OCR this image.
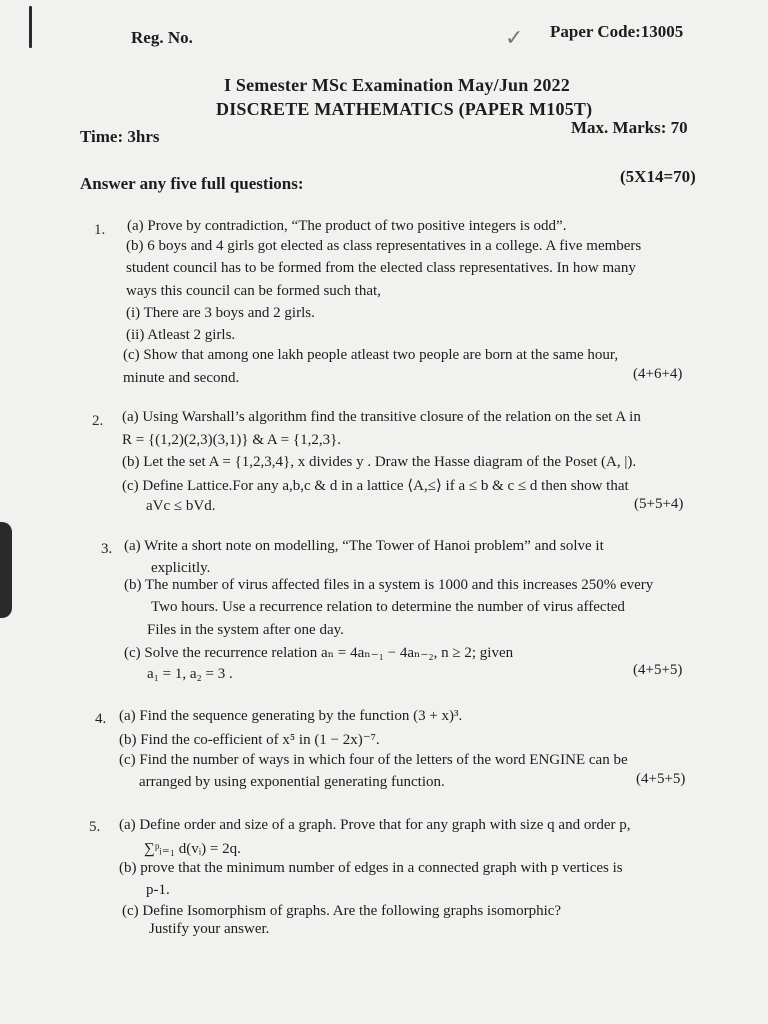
Reg. No.	✓ Paper Code:13005
I Semester MSc Examination May/Jun 2022
DISCRETE MATHEMATICS (PAPER M105T)
Time: 3hrs	Max. Marks: 70
Answer any five full questions:	(5X14=70)
1. (a) Prove by contradiction, “The product of two positive integers is odd”.
(b) 6 boys and 4 girls got elected as class representatives in a college. A five members
student council has to be formed from the elected class representatives. In how many
ways this council can be formed such that,
(i) There are 3 boys and 2 girls.
(ii) Atleast 2 girls.
(c) Show that among one lakh people atleast two people are born at the same hour,
minute and second.	(4+6+4)
2. (a) Using Warshall’s algorithm find the transitive closure of the relation on the set A in
R = {(1,2)(2,3)(3,1)} & A = {1,2,3}.
(b) Let the set A = {1,2,3,4}, x divides y . Draw the Hasse diagram of the Poset (A, |).
(c) Define Lattice.For any a,b,c & d in a lattice ⟨A,≤⟩ if a ≤ b & c ≤ d then show that
aVc ≤ bVd.	(5+5+4)
3. (a) Write a short note on modelling, “The Tower of Hanoi problem” and solve it
explicitly.
(b) The number of virus affected files in a system is 1000 and this increases 250% every
Two hours. Use a recurrence relation to determine the number of virus affected
Files in the system after one day.
(c) Solve the recurrence relation aₙ = 4aₙ₋₁ − 4aₙ₋₂, n ≥ 2; given
a₁ = 1, a₂ = 3 .	(4+5+5)
4. (a) Find the sequence generating by the function (3 + x)³.
(b) Find the co-efficient of x⁵ in (1 − 2x)⁻⁷.
(c) Find the number of ways in which four of the letters of the word ENGINE can be
arranged by using exponential generating function.	(4+5+5)
5. (a) Define order and size of a graph. Prove that for any graph with size q and order p,
∑ᵖᵢ₌₁ d(vᵢ) = 2q.
(b) prove that the minimum number of edges in a connected graph with p vertices is
p-1.
(c) Define Isomorphism of graphs. Are the following graphs isomorphic?
Justify your answer.
